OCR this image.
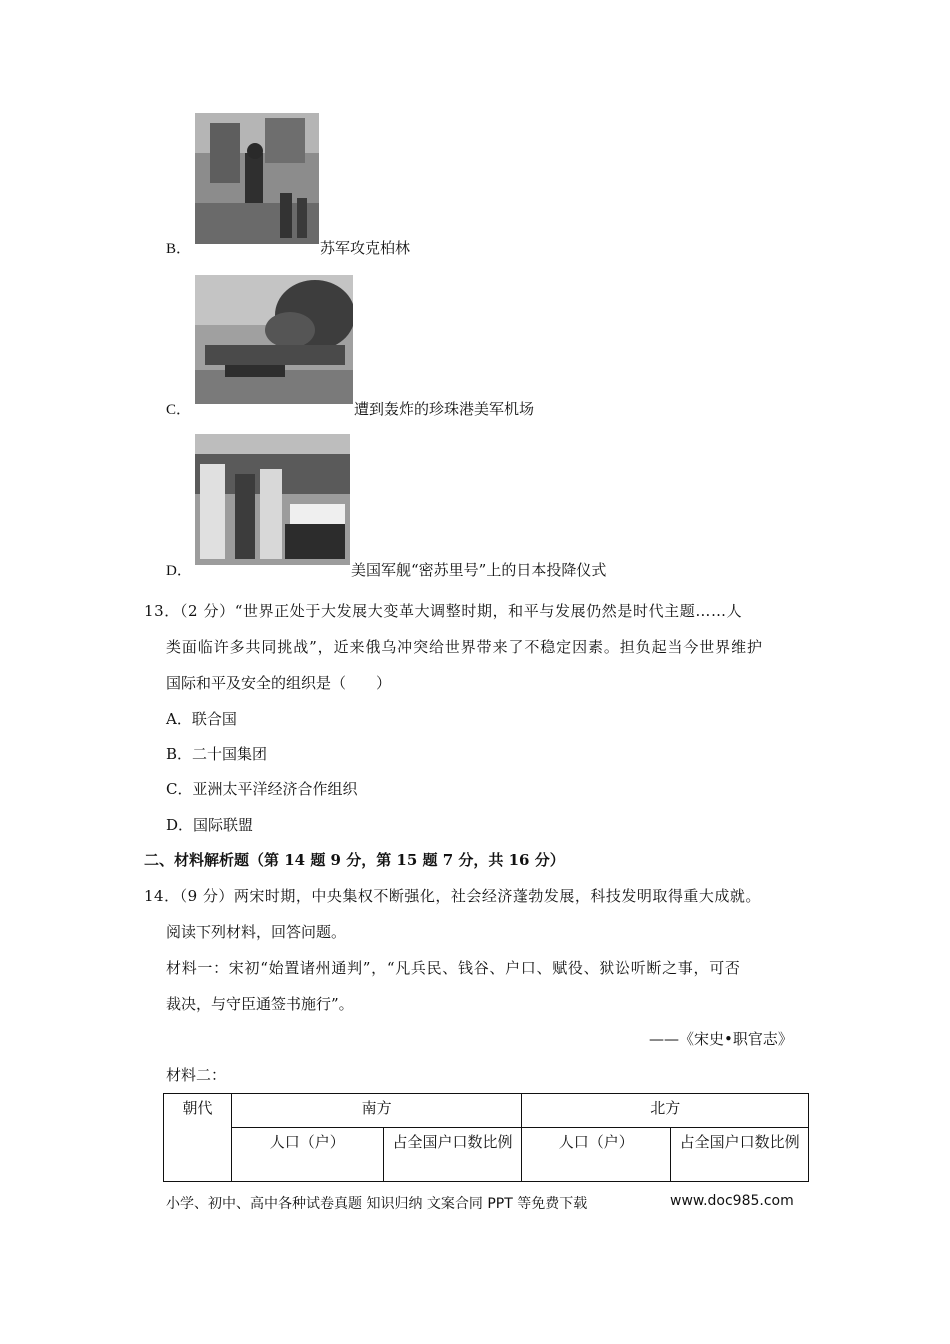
B．	苏军攻克柏林
C．	遭到轰炸的珍珠港美军机场
D．	美国军舰“密苏里号”上的日本投降仪式
13．（2 分）“世界正处于大发展大变革大调整时期，和平与发展仍然是时代主题……人
类面临许多共同挑战”，近来俄乌冲突给世界带来了不稳定因素。担负起当今世界维护
国际和平及安全的组织是（　　）
A．联合国
B．二十国集团
C．亚洲太平洋经济合作组织
D．国际联盟
二、材料解析题（第 14 题 9 分，第 15 题 7 分，共 16 分）
14．（9 分）两宋时期，中央集权不断强化，社会经济蓬勃发展，科技发明取得重大成就。
阅读下列材料，回答问题。
材料一：宋初“始置诸州通判”，“凡兵民、钱谷、户口、赋役、狱讼听断之事，可否
裁决，与守臣通签书施行”。
——《宋史•职官志》
材料二：
朝代	南方		北方	
	人口（户）	占全国户口数比例	人口（户）	占全国户口数比例
小学、初中、高中各种试卷真题 知识归纳 文案合同 PPT 等免费下载	www.doc985.com
